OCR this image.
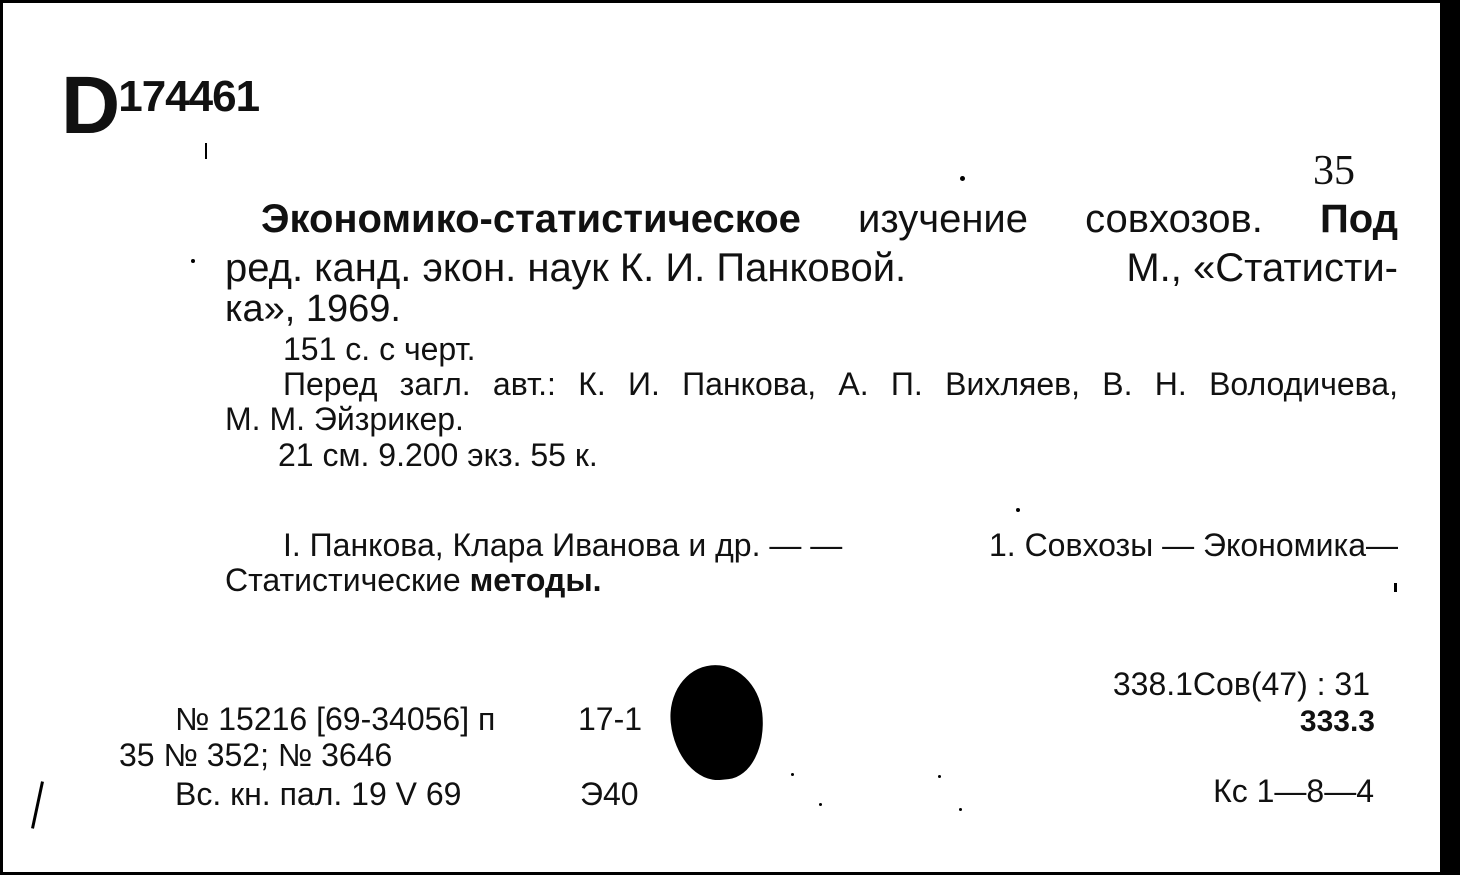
D174461
35
Экономико-статистическое изучение совхозов. Под
ред. канд. экон. наук К. И. Панковой.	М., «Статисти-
ка», 1969.
151 с. с черт.
Перед загл. авт.: К. И. Панкова, А. П. Вихляев, В. Н. Володичева,
М. М. Эйзрикер.
21 см. 9.200 экз. 55 к.
I. Панкова, Клара Иванова и др. — —	1. Совхозы — Экономика—
Статистические методы.
338.1Сов(47) : 31
333.3
Кс 1—8—4
№ 15216 [69-34056] п	17-1
35 № 352; № 3646
Вс. кн. пал. 19 V 69	Э40
